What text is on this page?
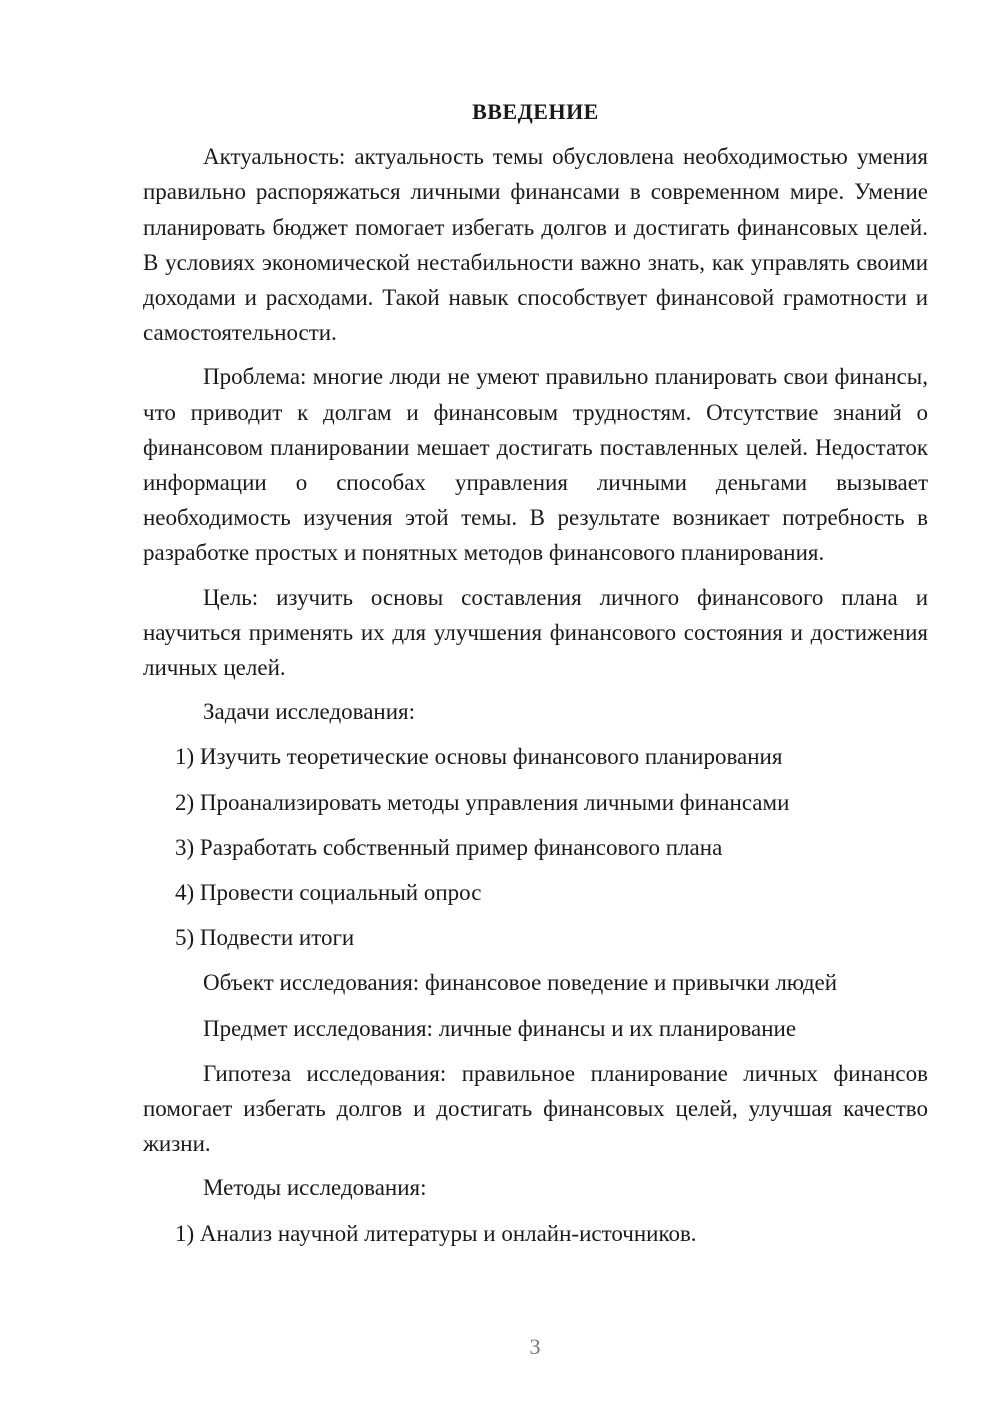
ВВЕДЕНИЕ
Актуальность: актуальность темы обусловлена необходимостью умения правильно распоряжаться личными финансами в современном мире. Умение планировать бюджет помогает избегать долгов и достигать финансовых целей. В условиях экономической нестабильности важно знать, как управлять своими доходами и расходами. Такой навык способствует финансовой грамотности и самостоятельности.
Проблема: многие люди не умеют правильно планировать свои финансы, что приводит к долгам и финансовым трудностям. Отсутствие знаний о финансовом планировании мешает достигать поставленных целей. Недостаток информации о способах управления личными деньгами вызывает необходимость изучения этой темы. В результате возникает потребность в разработке простых и понятных методов финансового планирования.
Цель: изучить основы составления личного финансового плана и научиться применять их для улучшения финансового состояния и достижения личных целей.
Задачи исследования:
1) Изучить теоретические основы финансового планирования
2) Проанализировать методы управления личными финансами
3) Разработать собственный пример финансового плана
4) Провести социальный опрос
5) Подвести итоги
Объект исследования: финансовое поведение и привычки людей
Предмет исследования: личные финансы и их планирование
Гипотеза исследования: правильное планирование личных финансов помогает избегать долгов и достигать финансовых целей, улучшая качество жизни.
Методы исследования:
1) Анализ научной литературы и онлайн-источников.
3
